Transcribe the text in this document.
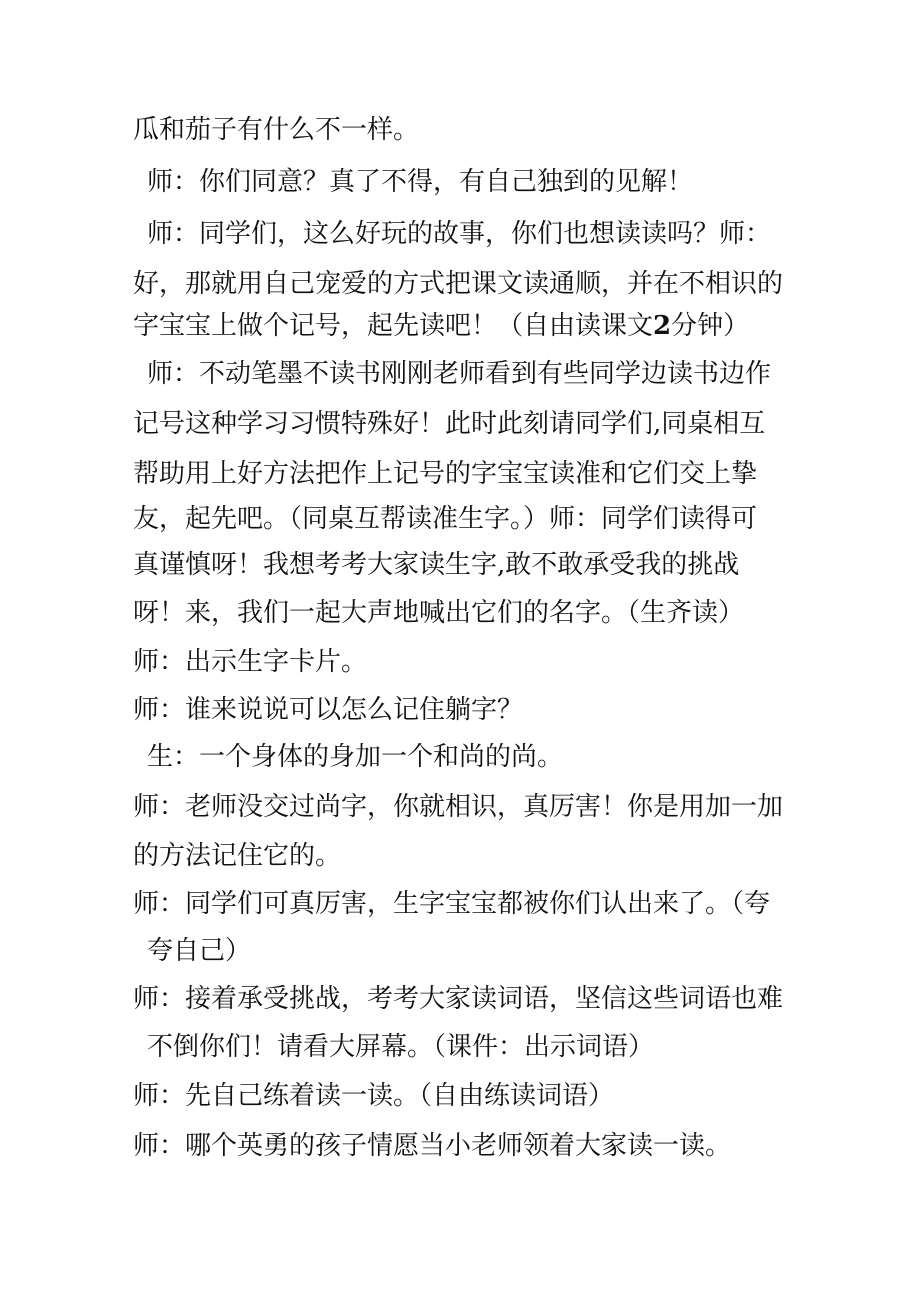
瓜和茄子有什么不一样。
师：你们同意？真了不得，有自己独到的见解！
师：同学们，这么好玩的故事，你们也想读读吗？师：
好，那就用自己宠爱的方式把课文读通顺，并在不相识的
字宝宝上做个记号，起先读吧！（自由读课文2分钟）
师：不动笔墨不读书刚刚老师看到有些同学边读书边作
记号这种学习习惯特殊好！此时此刻请同学们,同桌相互
帮助用上好方法把作上记号的字宝宝读准和它们交上挚
友，起先吧。（同桌互帮读准生字。）师：同学们读得可
真谨慎呀！我想考考大家读生字,敢不敢承受我的挑战
呀！来，我们一起大声地喊出它们的名字。（生齐读）
师：出示生字卡片。
师：谁来说说可以怎么记住躺字？
生：一个身体的身加一个和尚的尚。
师：老师没交过尚字，你就相识，真厉害！你是用加一加
的方法记住它的。
师：同学们可真厉害，生字宝宝都被你们认出来了。（夸
夸自己）
师：接着承受挑战，考考大家读词语，坚信这些词语也难
不倒你们！请看大屏幕。（课件：出示词语）
师：先自己练着读一读。（自由练读词语）
师：哪个英勇的孩子情愿当小老师领着大家读一读。
